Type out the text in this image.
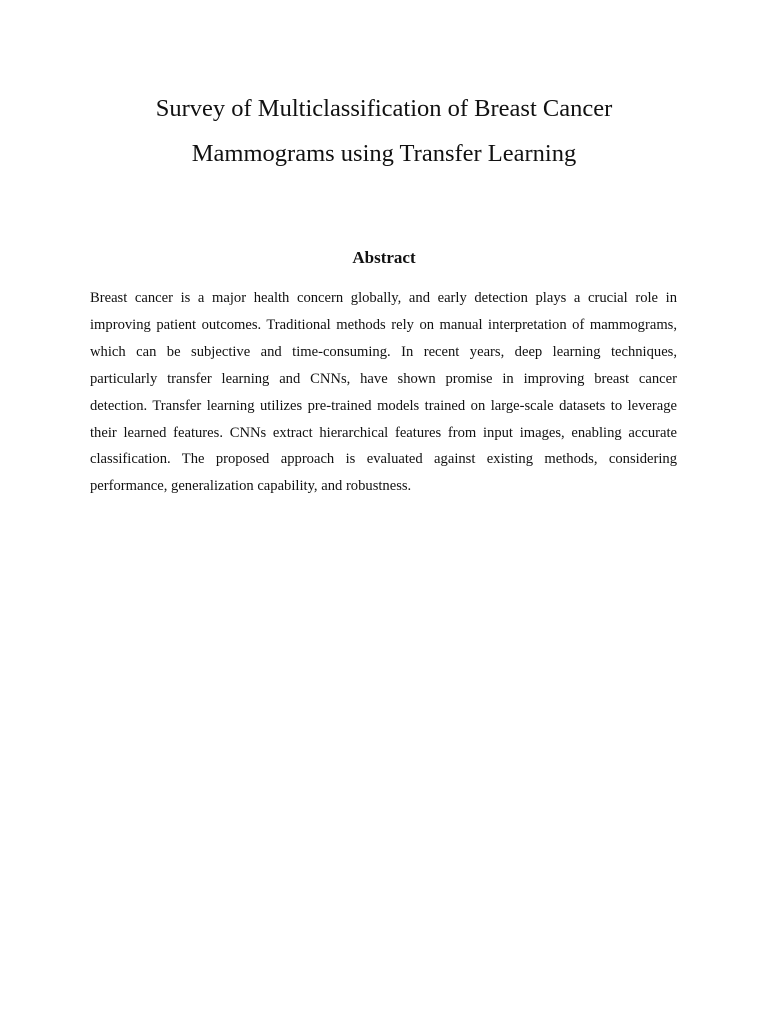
Survey of Multiclassification of Breast Cancer
Mammograms using Transfer Learning
Abstract

Breast cancer is a major health concern globally, and early detection plays a crucial role in
improving patient outcomes. Traditional methods rely on manual interpretation of mammograms,
which can be subjective and time-consuming. In recent years, deep learning techniques,
particularly transfer learning and CNNs, have shown promise in improving breast cancer
detection. Transfer learning utilizes pre-trained models trained on large-scale datasets to leverage
their learned features. CNNs extract hierarchical features from input images, enabling accurate
classification. The proposed approach is evaluated against existing methods, considering
performance, generalization capability, and robustness.
